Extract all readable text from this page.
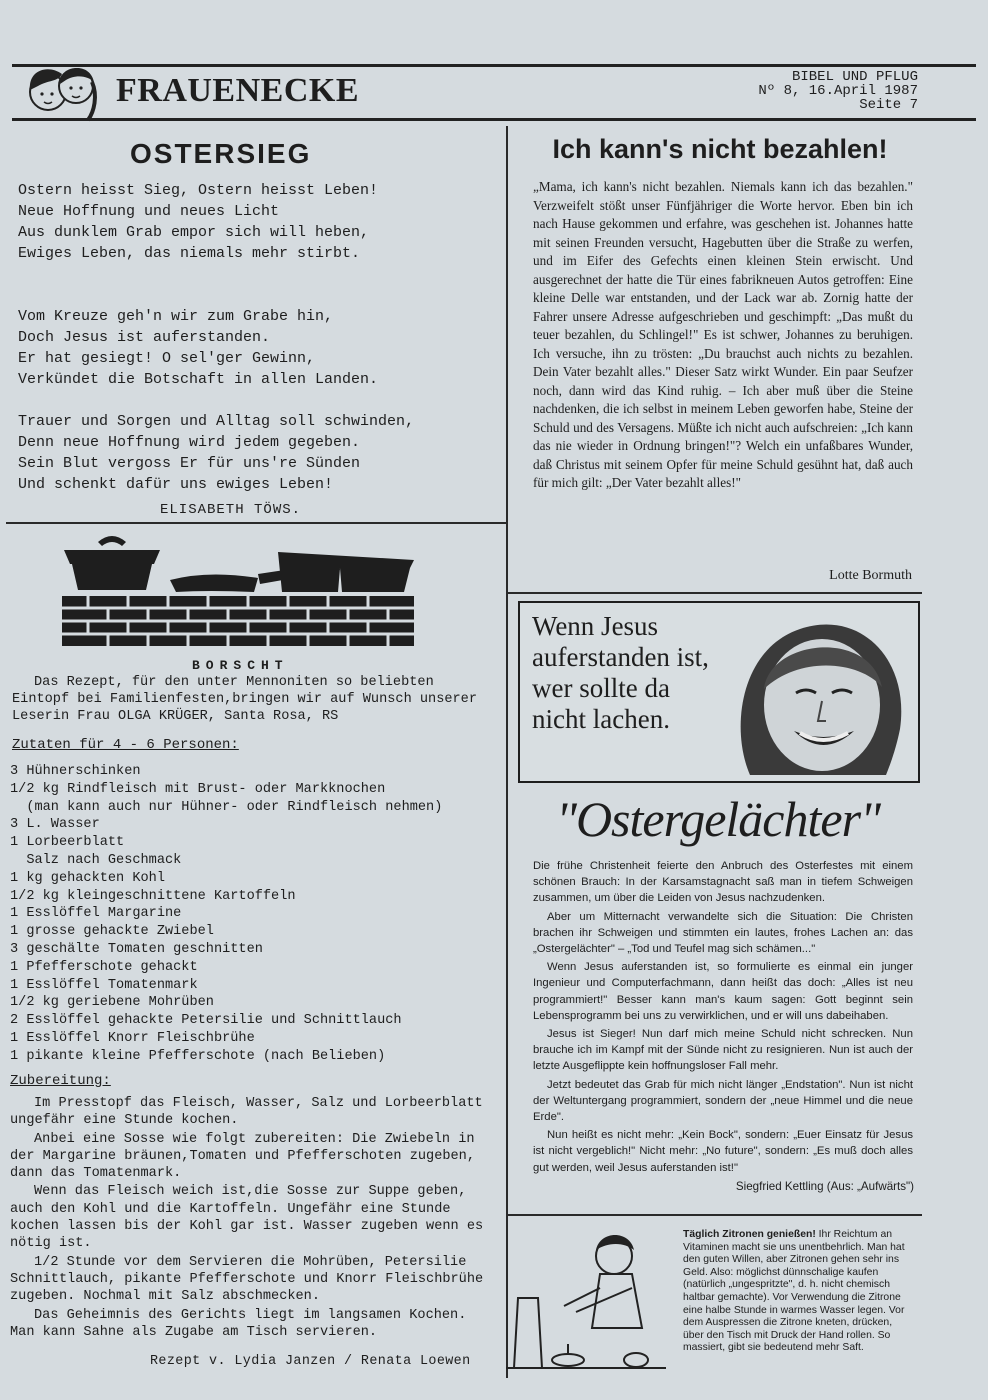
FRAUENECKE	BIBEL UND PFLUG
Nº 8, 16.April 1987
Seite 7
OSTERSIEG

Ostern heisst Sieg, Ostern heisst Leben!

Neue Hoffnung und neues Licht

Aus dunklem Grab empor sich will heben,

Ewiges Leben, das niemals mehr stirbt.

Vom Kreuze geh'n wir zum Grabe hin,

Doch Jesus ist auferstanden.

Er hat gesiegt! O sel'ger Gewinn,

Verkündet die Botschaft in allen Landen.

Trauer und Sorgen und Alltag soll schwinden,

Denn neue Hoffnung wird jedem gegeben.

Sein Blut vergoss Er für uns're Sünden

Und schenkt dafür uns ewiges Leben!

ELISABETH TÖWS.
Ich kann's nicht bezahlen!
„Mama, ich kann's nicht bezahlen. Niemals kann ich das bezahlen." Verzweifelt stößt unser Fünfjähriger die Worte hervor. Eben bin ich nach Hause gekommen und erfahre, was geschehen ist. Johannes hatte mit seinen Freunden versucht, Hagebutten über die Straße zu werfen, und im Eifer des Gefechts einen kleinen Stein erwischt. Und ausgerechnet der hatte die Tür eines fabrikneuen Autos getroffen: Eine kleine Delle war entstanden, und der Lack war ab. Zornig hatte der Fahrer unsere Adresse aufgeschrieben und geschimpft: „Das mußt du teuer bezahlen, du Schlingel!" Es ist schwer, Johannes zu beruhigen. Ich versuche, ihn zu trösten: „Du brauchst auch nichts zu bezahlen. Dein Vater bezahlt alles." Dieser Satz wirkt Wunder. Ein paar Seufzer noch, dann wird das Kind ruhig. – Ich aber muß über die Steine nachdenken, die ich selbst in meinem Leben geworfen habe, Steine der Schuld und des Versagens. Müßte ich nicht auch aufschreien: „Ich kann das nie wieder in Ordnung bringen!"? Welch ein unfaßbares Wunder, daß Christus mit seinem Opfer für meine Schuld gesühnt hat, daß auch für mich gilt: „Der Vater bezahlt alles!"
Lotte Bormuth
Wenn Jesus auferstanden ist, wer sollte da nicht lachen.
"Ostergelächter"

Die frühe Christenheit feierte den Anbruch des Osterfestes mit einem schönen Brauch: In der Karsamstagnacht saß man in tiefem Schweigen zusammen, um über die Leiden von Jesus nachzudenken.

Aber um Mitternacht verwandelte sich die Situation: Die Christen brachen ihr Schweigen und stimmten ein lautes, frohes Lachen an: das „Ostergelächter" – „Tod und Teufel mag sich schämen..."

Wenn Jesus auferstanden ist, so formulierte es einmal ein junger Ingenieur und Computerfachmann, dann heißt das doch: „Alles ist neu programmiert!" Besser kann man's kaum sagen: Gott beginnt sein Lebensprogramm bei uns zu verwirklichen, und er will uns dabeihaben.

Jesus ist Sieger! Nun darf mich meine Schuld nicht schrecken. Nun brauche ich im Kampf mit der Sünde nicht zu resignieren. Nun ist auch der letzte Ausgeflippte kein hoffnungsloser Fall mehr.

Jetzt bedeutet das Grab für mich nicht länger „Endstation". Nun ist nicht der Weltuntergang programmiert, sondern der „neue Himmel und die neue Erde".

Nun heißt es nicht mehr: „Kein Bock", sondern: „Euer Einsatz für Jesus ist nicht vergeblich!" Nicht mehr: „No future", sondern: „Es muß doch alles gut werden, weil Jesus auferstanden ist!"

Siegfried Kettling (Aus: „Aufwärts")
Täglich Zitronen genießen! Ihr Reichtum an Vitaminen macht sie uns unentbehrlich. Man hat den guten Willen, aber Zitronen gehen sehr ins Geld. Also: möglichst dünnschalige kaufen (natürlich „ungespritzte", d. h. nicht chemisch haltbar gemachte). Vor Verwendung die Zitrone eine halbe Stunde in warmes Wasser legen. Vor dem Auspressen die Zitrone kneten, drücken, über den Tisch mit Druck der Hand rollen. So massiert, gibt sie bedeutend mehr Saft.
BORSCHT
Das Rezept, für den unter Mennoniten so beliebten Eintopf bei Familienfesten,bringen wir auf Wunsch unserer Leserin Frau OLGA KRÜGER, Santa Rosa, RS
Zutaten für 4 - 6 Personen:
3 Hühnerschinken
1/2 kg Rindfleisch mit Brust- oder Markknochen
(man kann auch nur Hühner- oder Rindfleisch nehmen)
3 L. Wasser
1 Lorbeerblatt
Salz nach Geschmack
1 kg gehackten Kohl
1/2 kg kleingeschnittene Kartoffeln
1 Esslöffel Margarine
1 grosse gehackte Zwiebel
3 geschälte Tomaten geschnitten
1 Pfefferschote gehackt
1 Esslöffel Tomatenmark
1/2 kg geriebene Mohrüben
2 Esslöffel gehackte Petersilie und Schnittlauch
1 Esslöffel Knorr Fleischbrühe
1 pikante kleine Pfefferschote (nach Belieben)
Zubereitung:

Im Presstopf das Fleisch, Wasser, Salz und Lorbeerblatt ungefähr eine Stunde kochen.

Anbei eine Sosse wie folgt zubereiten: Die Zwiebeln in der Margarine bräunen,Tomaten und Pfefferschoten zugeben, dann das Tomatenmark.

Wenn das Fleisch weich ist,die Sosse zur Suppe geben, auch den Kohl und die Kartoffeln. Ungefähr eine Stunde kochen lassen bis der Kohl gar ist. Wasser zugeben wenn es nötig ist.

1/2 Stunde vor dem Servieren die Mohrüben, Petersilie Schnittlauch, pikante Pfefferschote und Knorr Fleischbrühe zugeben. Nochmal mit Salz abschmecken.

Das Geheimnis des Gerichts liegt im langsamen Kochen. Man kann Sahne als Zugabe am Tisch servieren.

Rezept v. Lydia Janzen / Renata Loewen
